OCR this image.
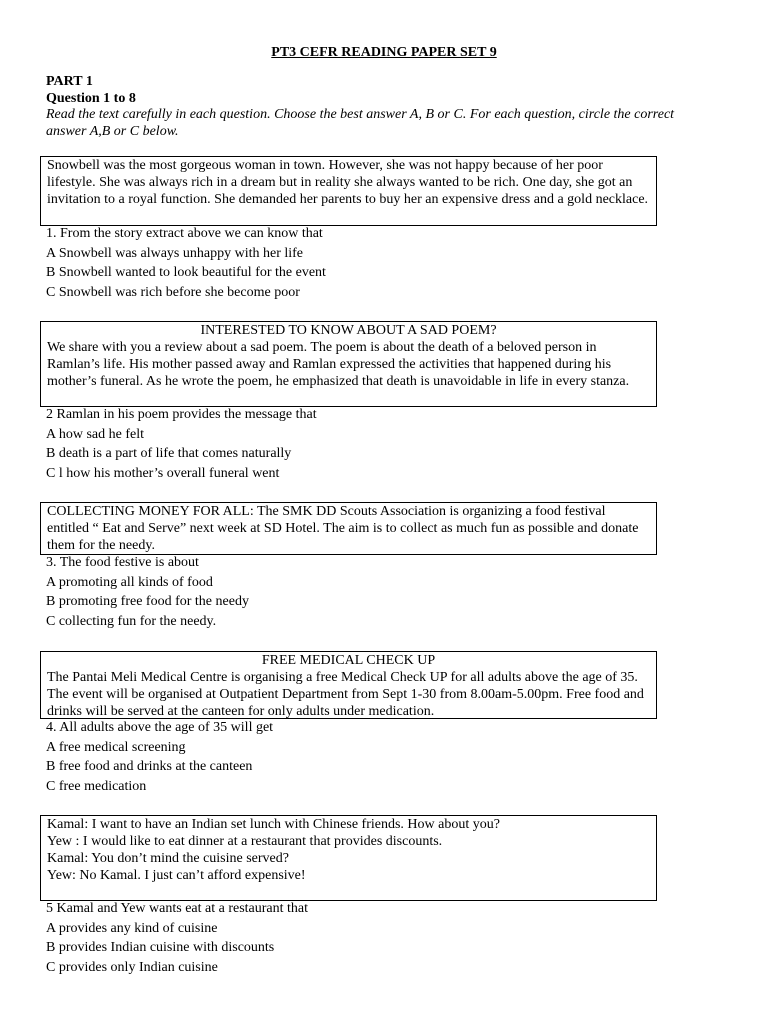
PT3 CEFR READING PAPER SET 9
PART 1
Question 1 to 8
Read the text carefully in each question. Choose the best answer A, B or C. For each question, circle the correct answer A,B or C below.
Snowbell was the most gorgeous woman in town. However, she was not happy because of her poor lifestyle. She was always rich in a dream but in reality she always wanted to be rich. One day, she got an invitation to a royal function. She demanded her parents to buy her an expensive dress and a gold necklace.
1. From the story extract above we can know that
A Snowbell was always unhappy with her life
B Snowbell wanted to look beautiful for the event
C Snowbell was rich before she become poor
INTERESTED TO KNOW ABOUT A SAD POEM?
We share with you a review about a sad poem. The poem is about the death of a beloved person in Ramlan’s life. His mother passed away and Ramlan expressed the activities that happened during his mother’s funeral. As he wrote the poem, he emphasized that death is unavoidable in life in every stanza.
2 Ramlan in his poem provides the message that
A how sad he felt
B death is a part of life that comes naturally
C l how his mother’s overall funeral went
COLLECTING MONEY FOR ALL: The SMK DD Scouts Association is organizing a food festival entitled “ Eat and Serve” next week at SD Hotel. The aim is to collect as much fun as possible and donate them for the needy.
3. The food festive is about
A promoting all kinds of food
B promoting free food for the needy
C collecting fun for the needy.
FREE MEDICAL CHECK UP
The Pantai Meli Medical Centre is organising a free Medical Check UP for all adults above the age of 35. The event will be organised at Outpatient Department from Sept 1-30 from 8.00am-5.00pm. Free food and drinks will be served at the canteen for only adults under medication.
4. All adults above the age of 35 will get
A free medical screening
B free food and drinks at the canteen
C free medication
Kamal: I want to have an Indian set lunch with Chinese friends. How about you?
Yew : I would like to eat dinner at a restaurant that provides discounts.
Kamal: You don’t mind the cuisine served?
Yew: No Kamal. I just can’t afford expensive!
5 Kamal and Yew wants eat at a restaurant that
A provides any kind of cuisine
B provides Indian cuisine with discounts
C provides only Indian cuisine
